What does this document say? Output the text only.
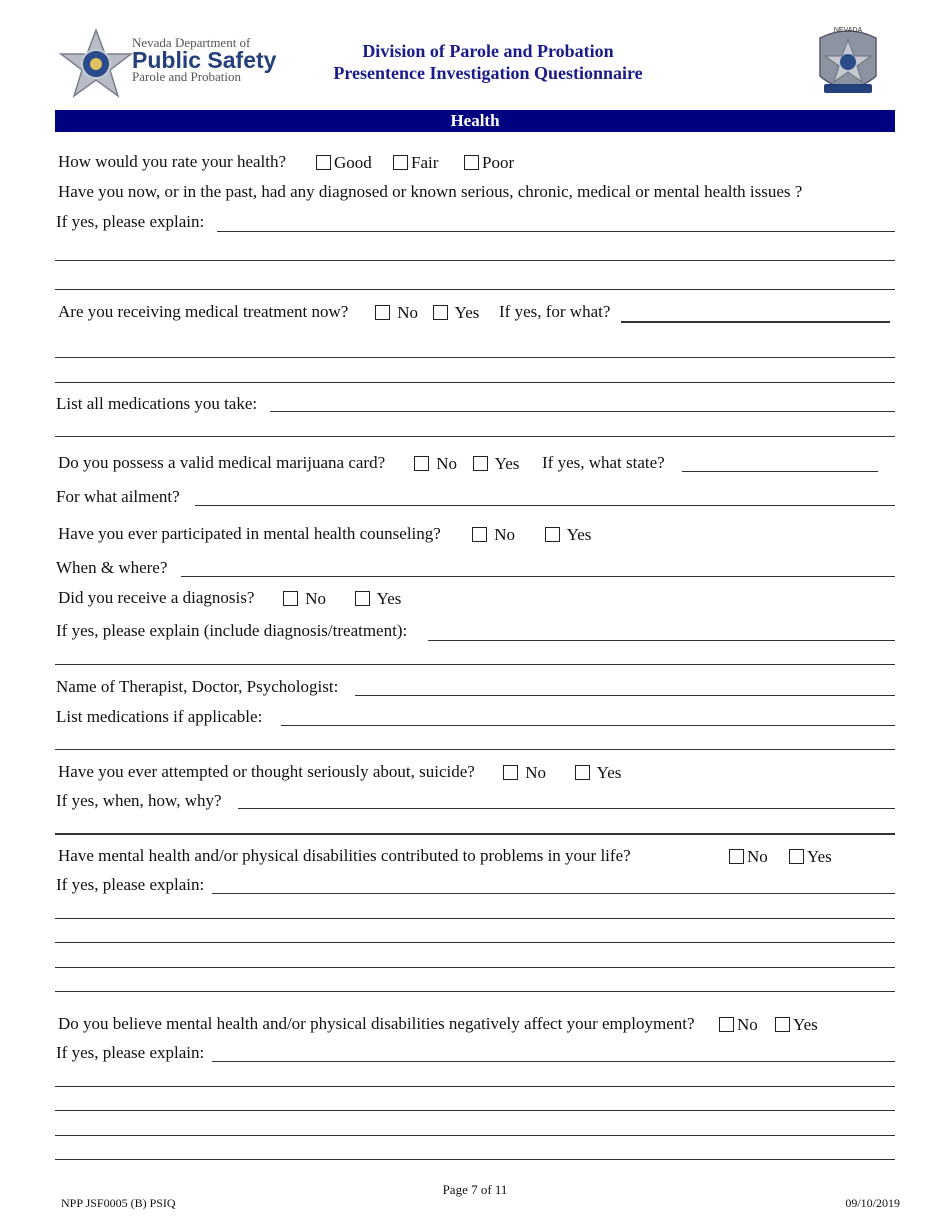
Nevada Department of
Public Safety
Parole and Probation
Division of Parole and Probation
Presentence Investigation Questionnaire
NEVADA
Health
How would you rate your health?	Good	Fair	Poor
Have you now, or in the past, had any diagnosed or known serious, chronic, medical or mental health issues ?
If yes, please explain:
Are you receiving medical treatment now?	No	Yes If yes, for what?
List all medications you take:
Do you possess a valid medical marijuana card?	No	Yes If yes, what state?
For what ailment?
Have you ever participated in mental health counseling?	No	Yes
When & where?
Did you receive a diagnosis?	No	Yes
If yes, please explain (include diagnosis/treatment):
Name of Therapist, Doctor, Psychologist:
List medications if applicable:
Have you ever attempted or thought seriously about, suicide?	No	Yes
If yes, when, how, why?
Have mental health and/or physical disabilities contributed to problems in your life?	No	Yes
If yes, please explain:
Do you believe mental health and/or physical disabilities negatively affect your employment?	No	Yes
If yes, please explain:
Page 7 of 11
NPP JSF0005 (B) PSIQ	09/10/2019
